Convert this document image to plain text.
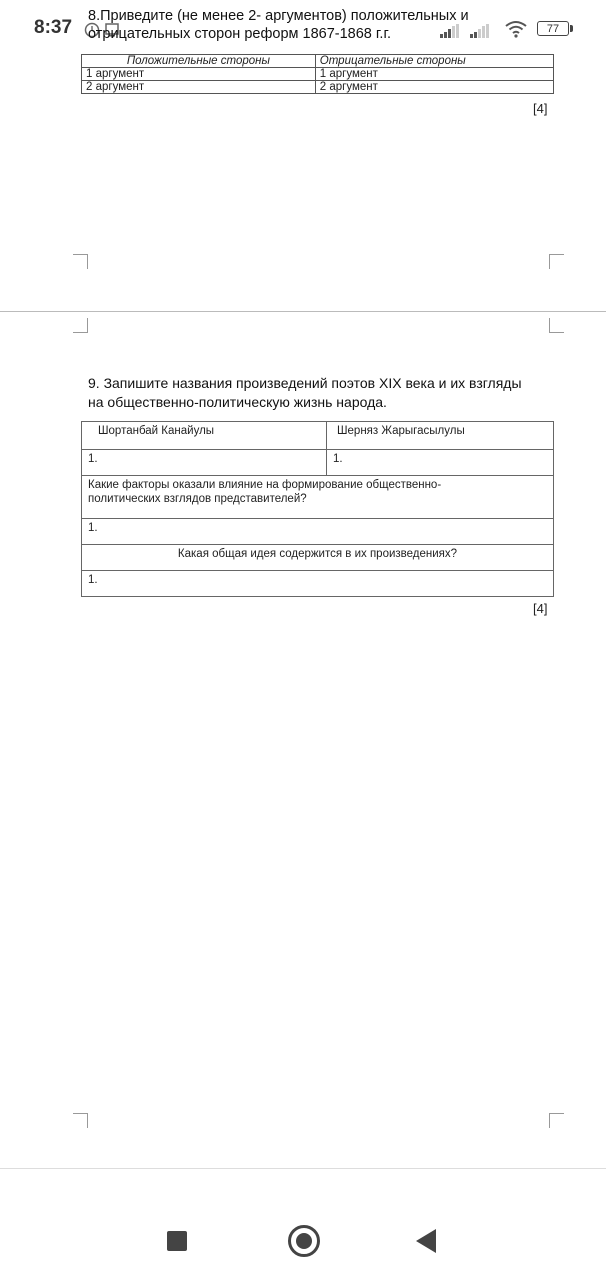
8:37
8.Приведите (не менее 2- аргументов) положительных и
отрицательных сторон реформ 1867-1868 г.г.	77
Положительные стороны	Отрицательные стороны
1 аргумент	1 аргумент
2 аргумент	2 аргумент
[4]
9. Запишите названия произведений поэтов XIX века и их взгляды
на общественно-политическую жизнь народа.
Шортанбай Канайулы	Шерняз Жарыгасылулы
1.	1.

Какие факторы оказали влияние на формирование общественно-
политических взглядов представителей?	

1.	
Какая общая идея содержится в их произведениях?	
1.	
[4]
